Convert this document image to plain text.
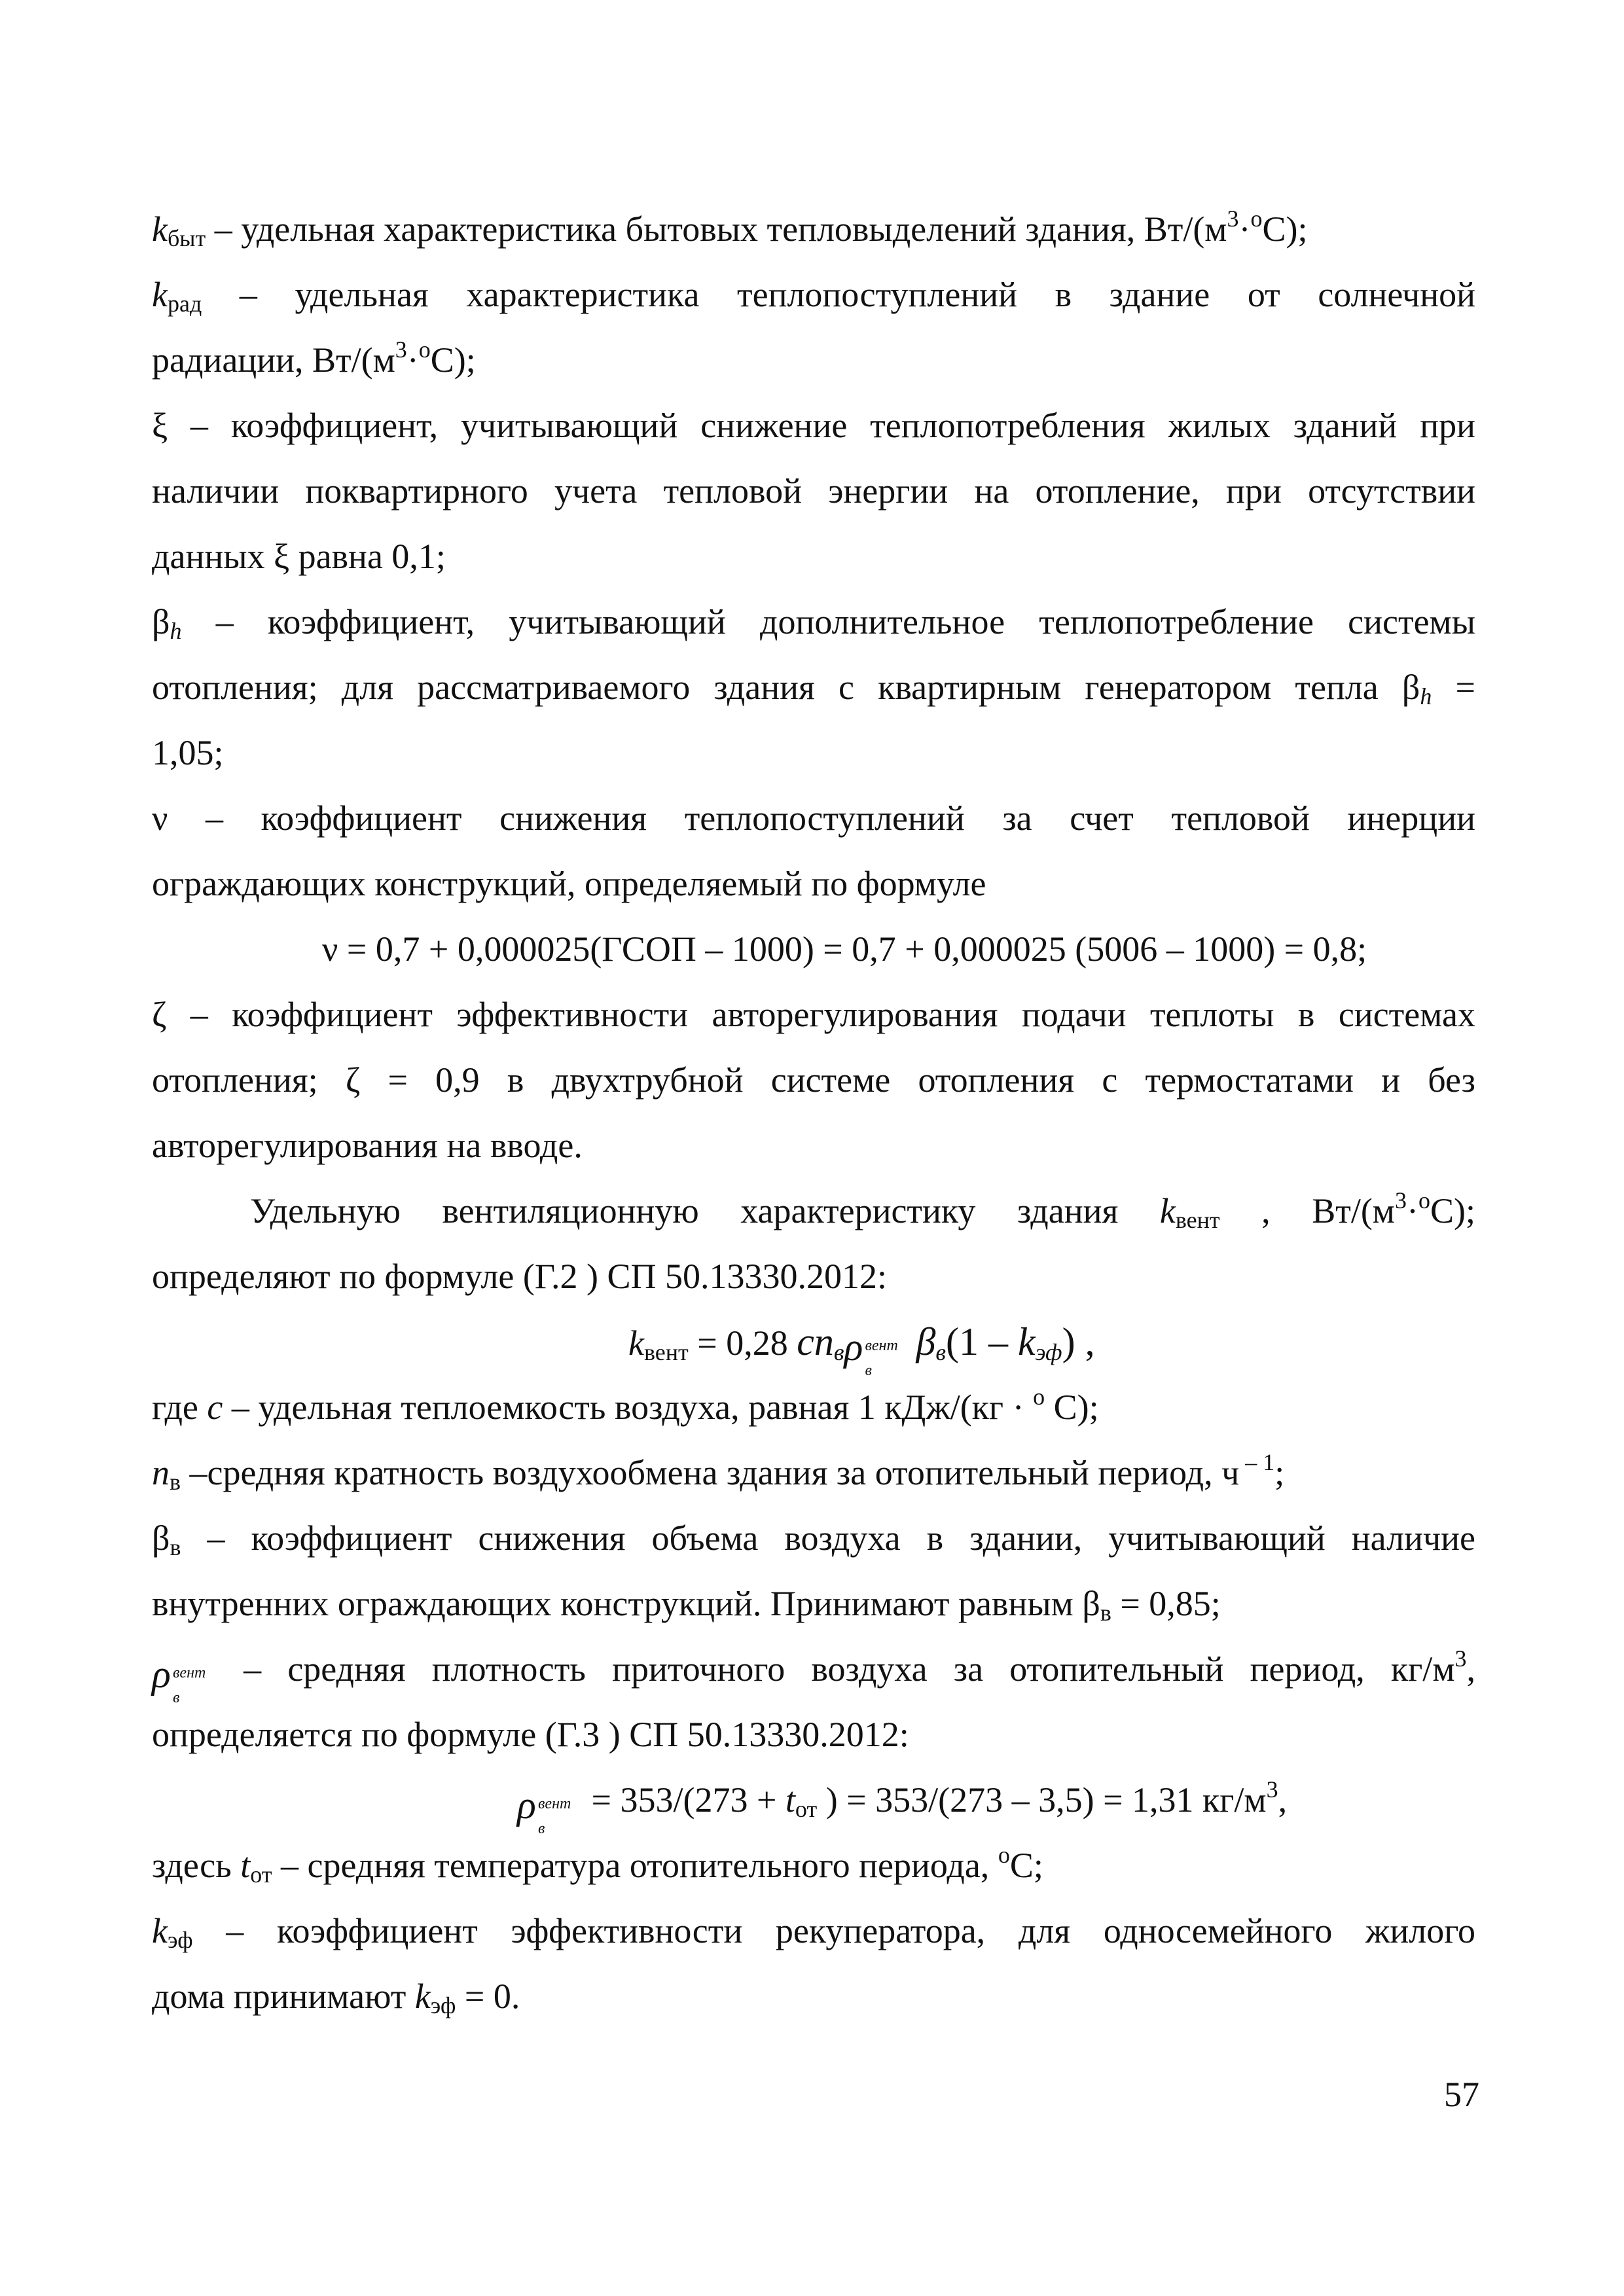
$k_{быт}$ – удельная характеристика бытовых тепловыделений здания, $Вт/(м^3\cdot^оС)$;
$k_{рад}$ – удельная характеристика теплопоступлений в здание от солнечной
радиации, $Вт/(м^3\cdot^оС)$;
ξ – коэффициент, учитывающий снижение теплопотребления жилых зданий при
наличии поквартирного учета тепловой энергии на отопление, при отсутствии
данных ξ равна 0,1;
$\beta_h$ – коэффициент, учитывающий дополнительное теплопотребление системы
отопления; для рассматриваемого здания с квартирным генератором тепла $\beta_h$ =
1,05;
ν – коэффициент снижения теплопоступлений за счет тепловой инерции
ограждающих конструкций, определяемый по формуле
ν = 0,7 + 0,000025(ГСОП – 1000) = 0,7 + 0,000025 (5006 – 1000) = 0,8;
ζ – коэффициент эффективности авторегулирования подачи теплоты в системах
отопления; ζ = 0,9 в двухтрубной системе отопления с термостатами и без
авторегулирования на вводе.
Удельную вентиляционную характеристику здания $k_{вент}$ , $Вт/(м^3\cdot^оС)$;
определяют по формуле (Г.2 ) СП 50.13330.2012:
$k_{вент} = 0,28$ $cn_в$ ρ вент
в
$\beta_в(1 - k_{эф})$ ,
где c – удельная теплоемкость воздуха, равная 1 кДж/(кг · $^о$ С);
$n_в$ –средняя кратность воздухообмена здания за отопительный период, ч $^{- 1}$;
$\beta_в$ – коэффициент снижения объема воздуха в здании, учитывающий наличие
внутренних ограждающих конструкций. Принимают равным $\beta_в = 0,85$;
ρ вент
в
– средняя плотность приточного воздуха за отопительный период, $кг/м^3$,
определяется по формуле (Г.3 ) СП 50.13330.2012:
ρ вент
в
= $353/(273 + t_{от}$ ) = 353/(273 – 3,5) = 1,31 $кг/м^3$,
здесь $t_{от}$ – средняя температура отопительного периода, $^о$С;
$k_{эф}$ – коэффициент эффективности рекуператора, для односемейного жилого
дома принимают $k_{эф} = 0$.
57
